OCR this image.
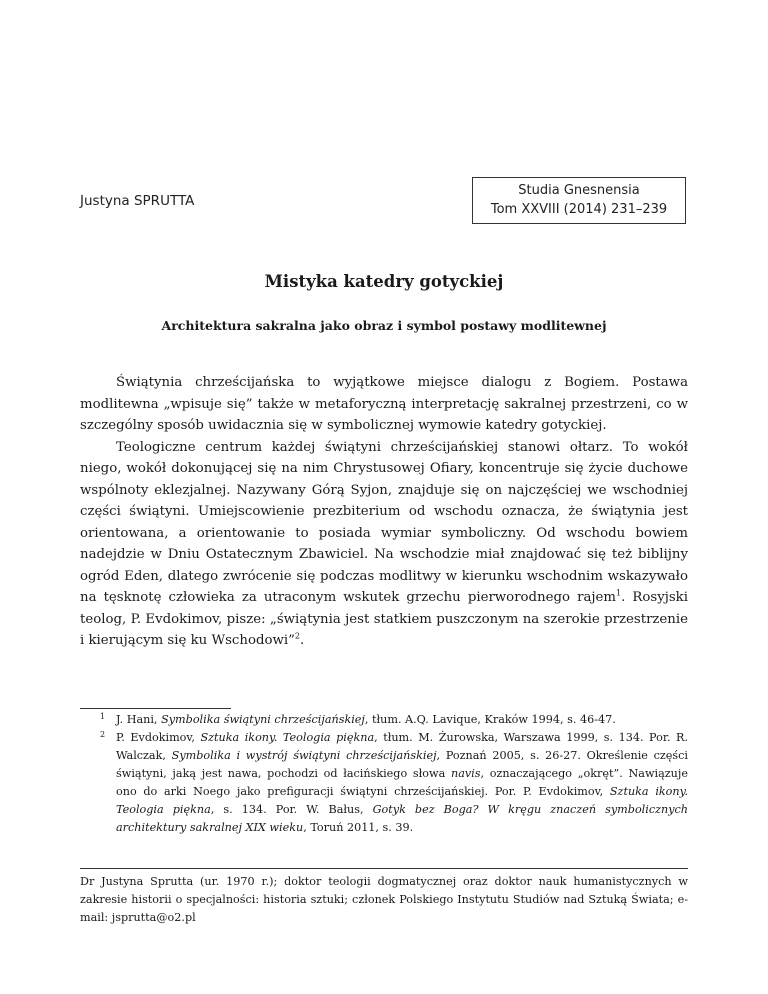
Justyna SPRUTTA
Studia Gnesnensia
Tom XXVIII (2014) 231–239
Mistyka katedry gotyckiej
Architektura sakralna jako obraz i symbol postawy modlitewnej

Świątynia chrześcijańska to wyjątkowe miejsce dialogu z Bogiem. Postawa modlitewna „wpisuje się” także w metaforyczną interpretację sakralnej przestrzeni, co w szczególny sposób uwidacznia się w symbolicznej wymowie katedry gotyckiej.

Teologiczne centrum każdej świątyni chrześcijańskiej stanowi ołtarz. To wokół niego, wokół dokonującej się na nim Chrystusowej Ofiary, koncentruje się życie duchowe wspólnoty eklezjalnej. Nazywany Górą Syjon, znajduje się on najczęściej we wschodniej części świątyni. Umiejscowienie prezbiterium od wschodu oznacza, że świątynia jest orientowana, a orientowanie to posiada wymiar symboliczny. Od wschodu bowiem nadejdzie w Dniu Ostatecznym Zbawiciel. Na wschodzie miał znajdować się też biblijny ogród Eden, dlatego zwrócenie się podczas modlitwy w kierunku wschodnim wskazywało na tęsknotę człowieka za utraconym wskutek grzechu pierworodnego rajem$^1$. Rosyjski teolog, P. Evdokimov, pisze: „świątynia jest statkiem puszczonym na szerokie przestrzenie i kierującym się ku Wschodowi”$^2$.

1 J. Hani, Symbolika świątyni chrześcijańskiej, tłum. A.Q. Lavique, Kraków 1994, s. 46-47.
2 P. Evdokimov, Sztuka ikony. Teologia piękna, tłum. M. Żurowska, Warszawa 1999, s. 134. Por. R. Walczak, Symbolika i wystrój świątyni chrześcijańskiej, Poznań 2005, s. 26-27. Określenie części świątyni, jaką jest nawa, pochodzi od łacińskiego słowa navis, oznaczającego „okręt”. Nawiązuje ono do arki Noego jako prefiguracji świątyni chrześcijańskiej. Por. P. Evdokimov, Sztuka ikony. Teologia piękna, s. 134. Por. W. Bałus, Gotyk bez Boga? W kręgu znaczeń symbolicznych architektury sakralnej XIX wieku, Toruń 2011, s. 39.
Dr Justyna Sprutta (ur. 1970 r.); doktor teologii dogmatycznej oraz doktor nauk humanistycznych w zakresie historii o specjalności: historia sztuki; członek Polskiego Instytutu Studiów nad Sztuką Świata; e-mail: jsprutta@o2.pl
